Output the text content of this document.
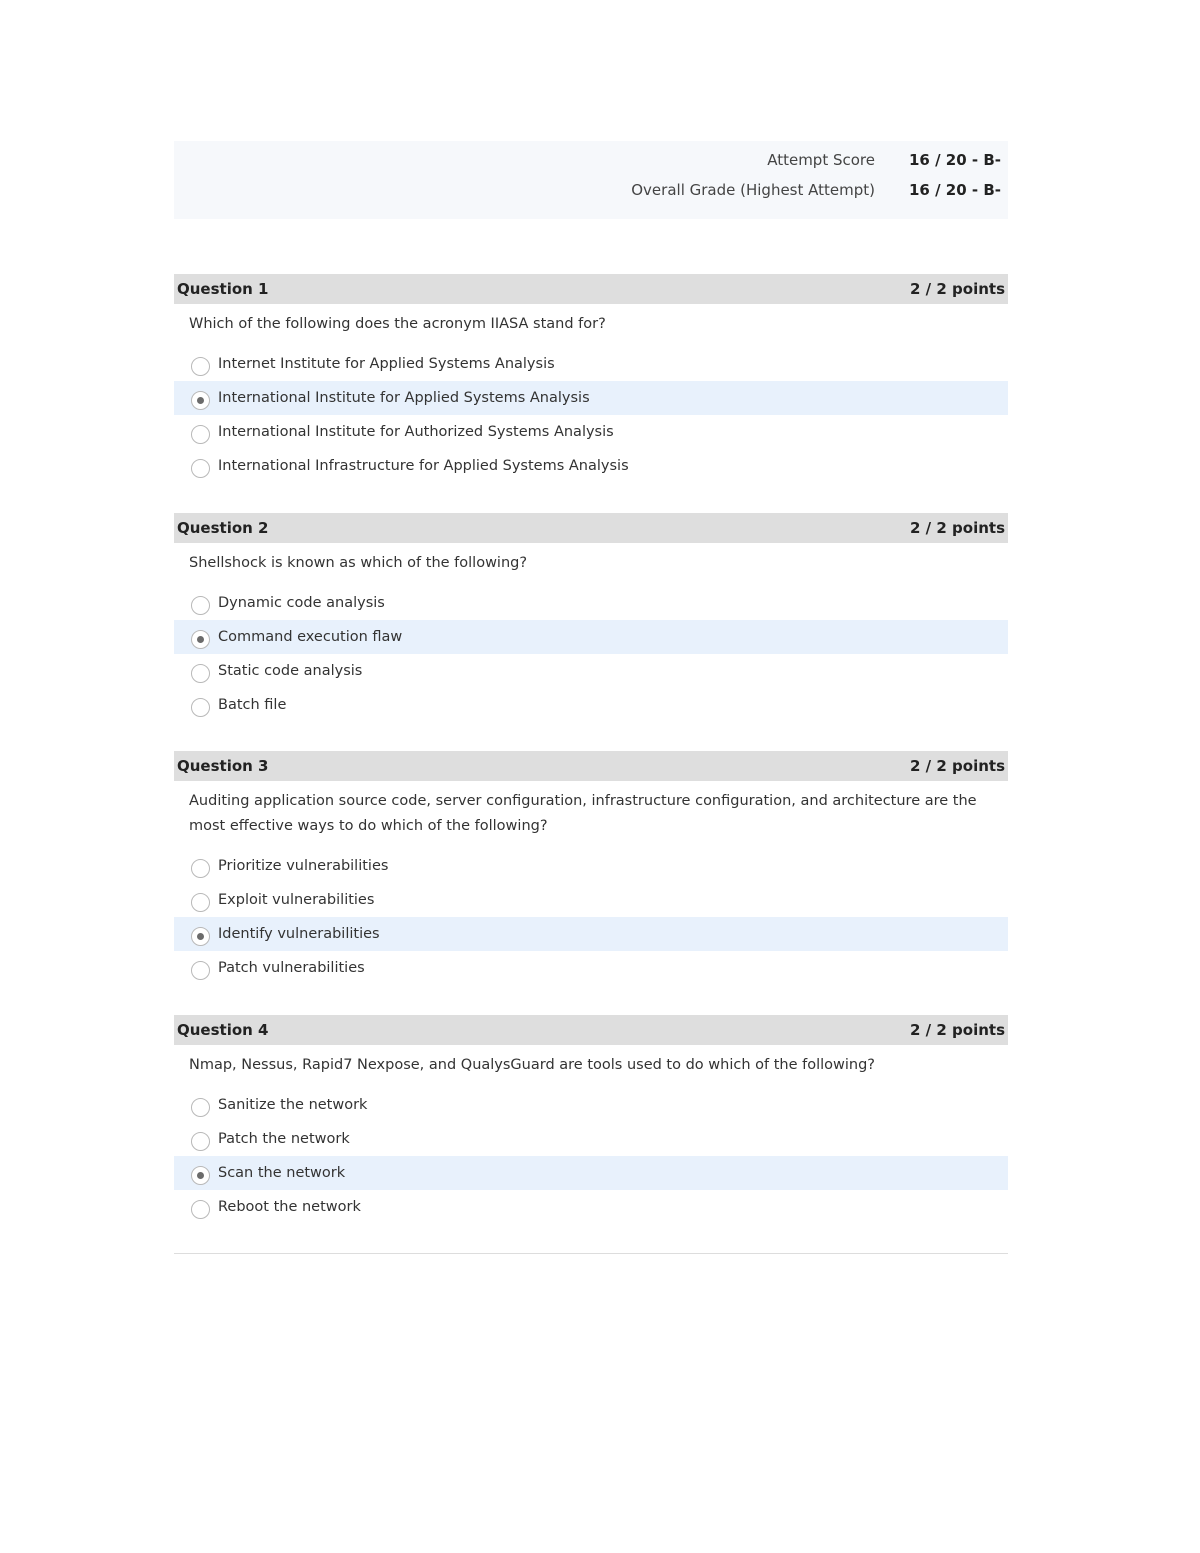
Attempt Score	16 / 20 - B-
Overall Grade (Highest Attempt)	16 / 20 - B-
Question 1	2 / 2 points
Which of the following does the acronym IIASA stand for?
Internet Institute for Applied Systems Analysis
International Institute for Applied Systems Analysis
International Institute for Authorized Systems Analysis
International Infrastructure for Applied Systems Analysis
Question 2	2 / 2 points
Shellshock is known as which of the following?
Dynamic code analysis
Command execution flaw
Static code analysis
Batch file
Question 3	2 / 2 points
Auditing application source code, server configuration, infrastructure configuration, and architecture are the most effective ways to do which of the following?
Prioritize vulnerabilities
Exploit vulnerabilities
Identify vulnerabilities
Patch vulnerabilities
Question 4	2 / 2 points
Nmap, Nessus, Rapid7 Nexpose, and QualysGuard are tools used to do which of the following?
Sanitize the network
Patch the network
Scan the network
Reboot the network
